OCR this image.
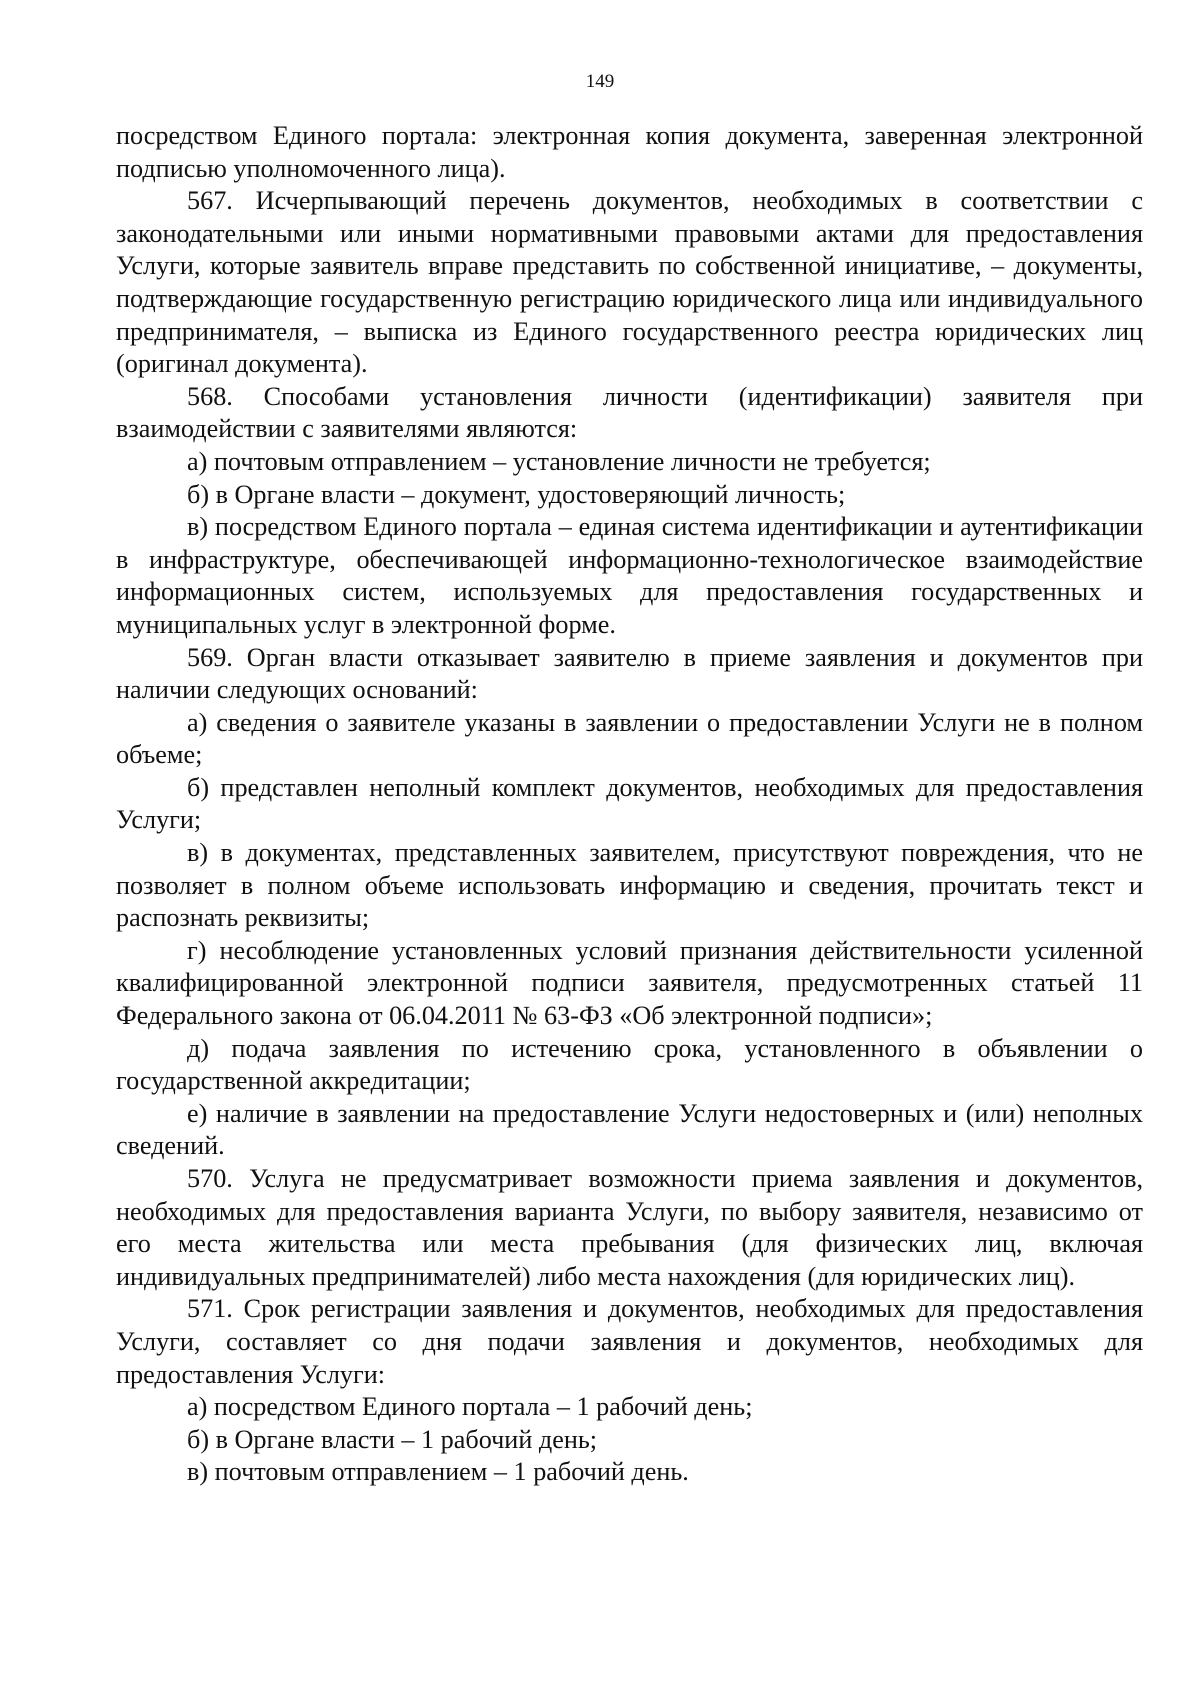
149

посредством Единого портала: электронная копия документа, заверенная электронной подписью уполномоченного лица).

567. Исчерпывающий перечень документов, необходимых в соответствии с законодательными или иными нормативными правовыми актами для предоставления Услуги, которые заявитель вправе представить по собственной инициативе, – документы, подтверждающие государственную регистрацию юридического лица или индивидуального предпринимателя, – выписка из Единого государственного реестра юридических лиц (оригинал документа).

568. Способами установления личности (идентификации) заявителя при взаимодействии с заявителями являются:

а) почтовым отправлением – установление личности не требуется;

б) в Органе власти – документ, удостоверяющий личность;

в) посредством Единого портала – единая система идентификации и аутентификации в инфраструктуре, обеспечивающей информационно-технологическое взаимодействие информационных систем, используемых для предоставления государственных и муниципальных услуг в электронной форме.

569. Орган власти отказывает заявителю в приеме заявления и документов при наличии следующих оснований:

а) сведения о заявителе указаны в заявлении о предоставлении Услуги не в полном объеме;

б) представлен неполный комплект документов, необходимых для предоставления Услуги;

в) в документах, представленных заявителем, присутствуют повреждения, что не позволяет в полном объеме использовать информацию и сведения, прочитать текст и распознать реквизиты;

г) несоблюдение установленных условий признания действительности усиленной квалифицированной электронной подписи заявителя, предусмотренных статьей 11 Федерального закона от 06.04.2011 № 63-ФЗ «Об электронной подписи»;

д) подача заявления по истечению срока, установленного в объявлении о государственной аккредитации;

е) наличие в заявлении на предоставление Услуги недостоверных и (или) неполных сведений.

570. Услуга не предусматривает возможности приема заявления и документов, необходимых для предоставления варианта Услуги, по выбору заявителя, независимо от его места жительства или места пребывания (для физических лиц, включая индивидуальных предпринимателей) либо места нахождения (для юридических лиц).

571. Срок регистрации заявления и документов, необходимых для предоставления Услуги, составляет со дня подачи заявления и документов, необходимых для предоставления Услуги:

а) посредством Единого портала – 1 рабочий день;

б) в Органе власти – 1 рабочий день;

в) почтовым отправлением – 1 рабочий день.
